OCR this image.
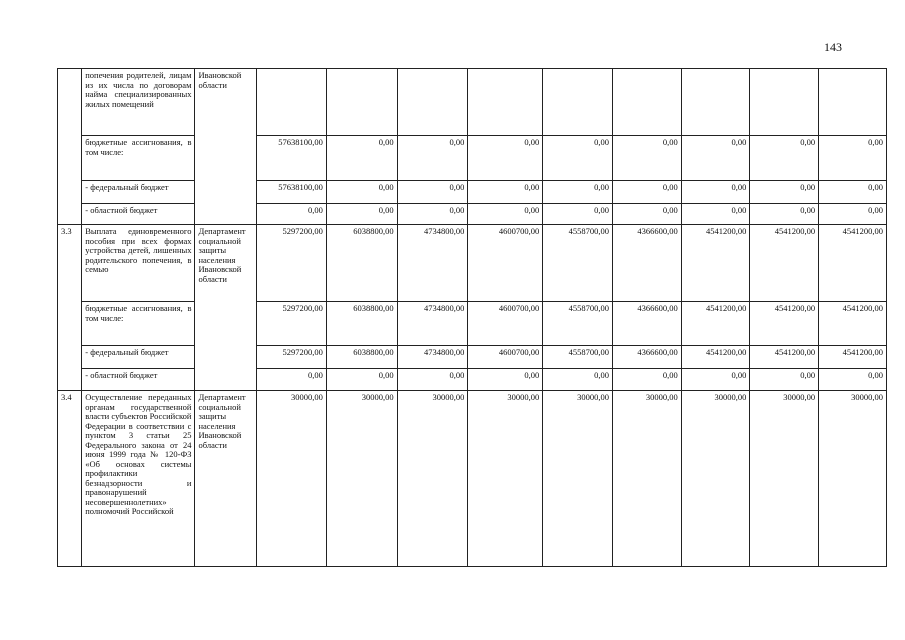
143
	попечения родителей, лицам из их числа по договорам найма специализированных жилых помещений	Ивановской области									
	бюджетные ассигнования, в том числе:		57638100,00	0,00	0,00	0,00	0,00	0,00	0,00	0,00	0,00
	- федеральный бюджет		57638100,00	0,00	0,00	0,00	0,00	0,00	0,00	0,00	0,00
	- областной бюджет		0,00	0,00	0,00	0,00	0,00	0,00	0,00	0,00	0,00
3.3	Выплата единовременного пособия при всех формах устройства детей, лишенных родительского попечения, в семью	Департамент социальной защиты населения Ивановской области	5297200,00	6038800,00	4734800,00	4600700,00	4558700,00	4366600,00	4541200,00	4541200,00	4541200,00
	бюджетные ассигнования, в том числе:		5297200,00	6038800,00	4734800,00	4600700,00	4558700,00	4366600,00	4541200,00	4541200,00	4541200,00
	- федеральный бюджет		5297200,00	6038800,00	4734800,00	4600700,00	4558700,00	4366600,00	4541200,00	4541200,00	4541200,00
	- областной бюджет		0,00	0,00	0,00	0,00	0,00	0,00	0,00	0,00	0,00
3.4	Осуществление переданных органам государственной власти субъектов Российской Федерации в соответствии с пунктом 3 статьи 25 Федерального закона от 24 июня 1999 года № 120-ФЗ «Об основах системы профилактики безнадзорности и правонарушений несовершеннолетних» полномочий Российской	Департамент социальной защиты населения Ивановской области	30000,00	30000,00	30000,00	30000,00	30000,00	30000,00	30000,00	30000,00	30000,00
